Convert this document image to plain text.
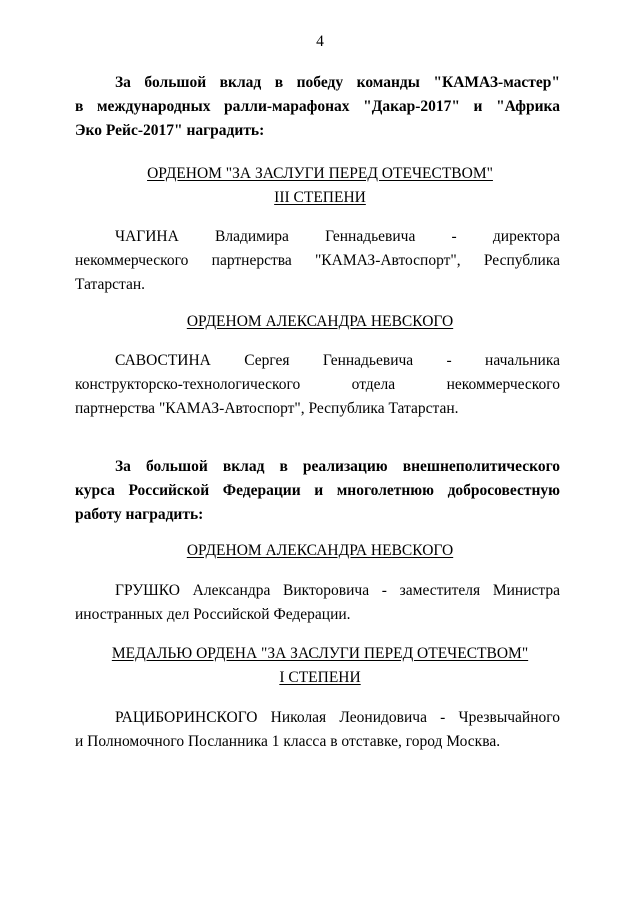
4
За большой вклад в победу команды "КАМАЗ-мастер"
в международных ралли-марафонах "Дакар-2017" и "Африка
Эко Рейс-2017" наградить:
ОРДЕНОМ "ЗА ЗАСЛУГИ ПЕРЕД ОТЕЧЕСТВОМ"
III СТЕПЕНИ
ЧАГИНА Владимира Геннадьевича - директора
некоммерческого партнерства "КАМАЗ-Автоспорт", Республика
Татарстан.
ОРДЕНОМ АЛЕКСАНДРА НЕВСКОГО
САВОСТИНА Сергея Геннадьевича - начальника
конструкторско-технологического отдела некоммерческого
партнерства "КАМАЗ-Автоспорт", Республика Татарстан.
За большой вклад в реализацию внешнеполитического
курса Российской Федерации и многолетнюю добросовестную
работу наградить:
ОРДЕНОМ АЛЕКСАНДРА НЕВСКОГО
ГРУШКО Александра Викторовича - заместителя Министра
иностранных дел Российской Федерации.
МЕДАЛЬЮ ОРДЕНА "ЗА ЗАСЛУГИ ПЕРЕД ОТЕЧЕСТВОМ"
I СТЕПЕНИ
РАЦИБОРИНСКОГО Николая Леонидовича - Чрезвычайного
и Полномочного Посланника 1 класса в отставке, город Москва.
